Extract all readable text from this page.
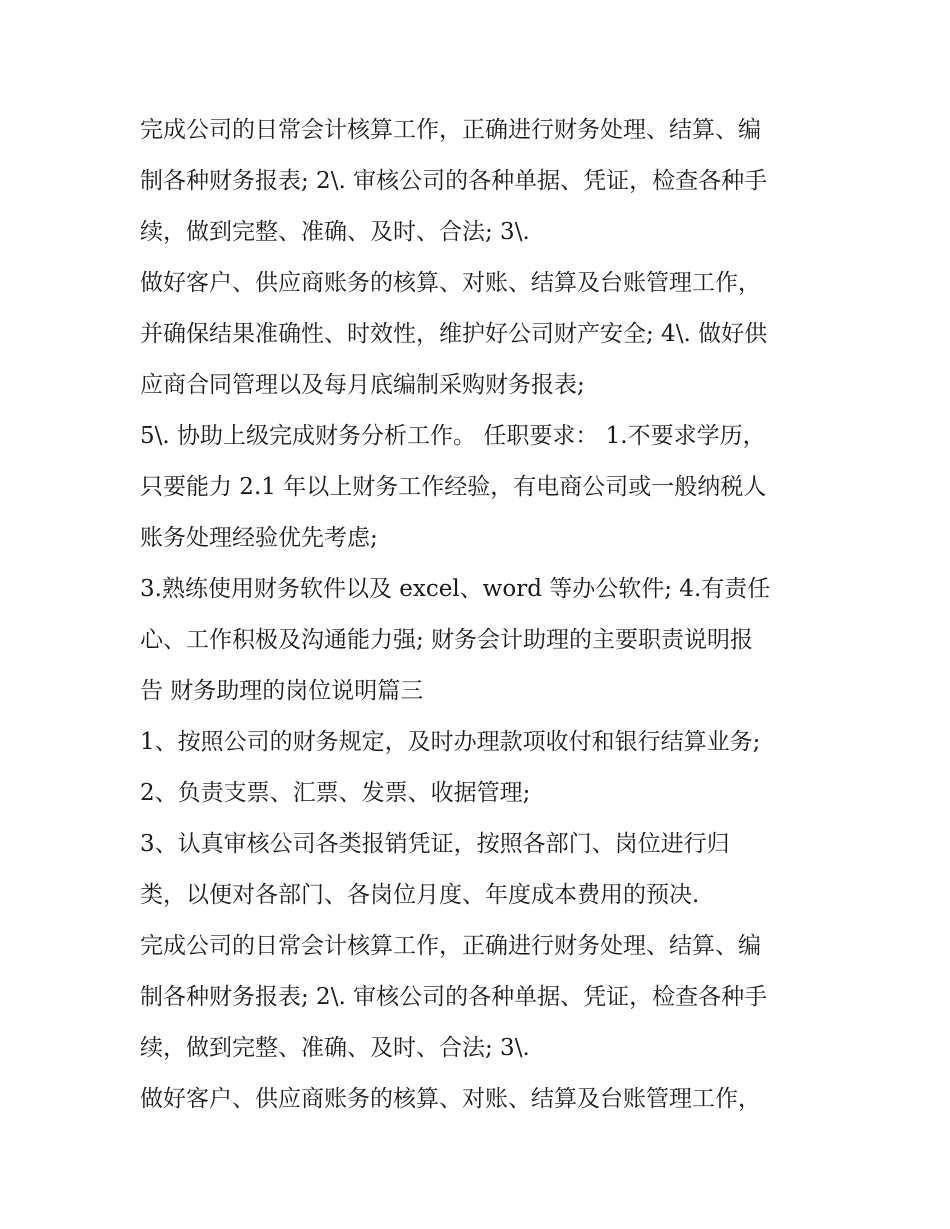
完成公司的日常会计核算工作，正确进行财务处理、结算、编
制各种财务报表; 2\. 审核公司的各种单据、凭证，检查各种手
续，做到完整、准确、及时、合法; 3\.
做好客户、供应商账务的核算、对账、结算及台账管理工作，
并确保结果准确性、时效性，维护好公司财产安全; 4\. 做好供
应商合同管理以及每月底编制采购财务报表;
5\. 协助上级完成财务分析工作。 任职要求： 1.不要求学历，
只要能力 2.1 年以上财务工作经验，有电商公司或一般纳税人
账务处理经验优先考虑;
3.熟练使用财务软件以及 excel、word 等办公软件; 4.有责任
心、工作积极及沟通能力强; 财务会计助理的主要职责说明报
告 财务助理的岗位说明篇三
1、按照公司的财务规定，及时办理款项收付和银行结算业务;
2、负责支票、汇票、发票、收据管理;
3、认真审核公司各类报销凭证，按照各部门、岗位进行归
类，以便对各部门、各岗位月度、年度成本费用的预决.
完成公司的日常会计核算工作，正确进行财务处理、结算、编
制各种财务报表; 2\. 审核公司的各种单据、凭证，检查各种手
续，做到完整、准确、及时、合法; 3\.
做好客户、供应商账务的核算、对账、结算及台账管理工作，
